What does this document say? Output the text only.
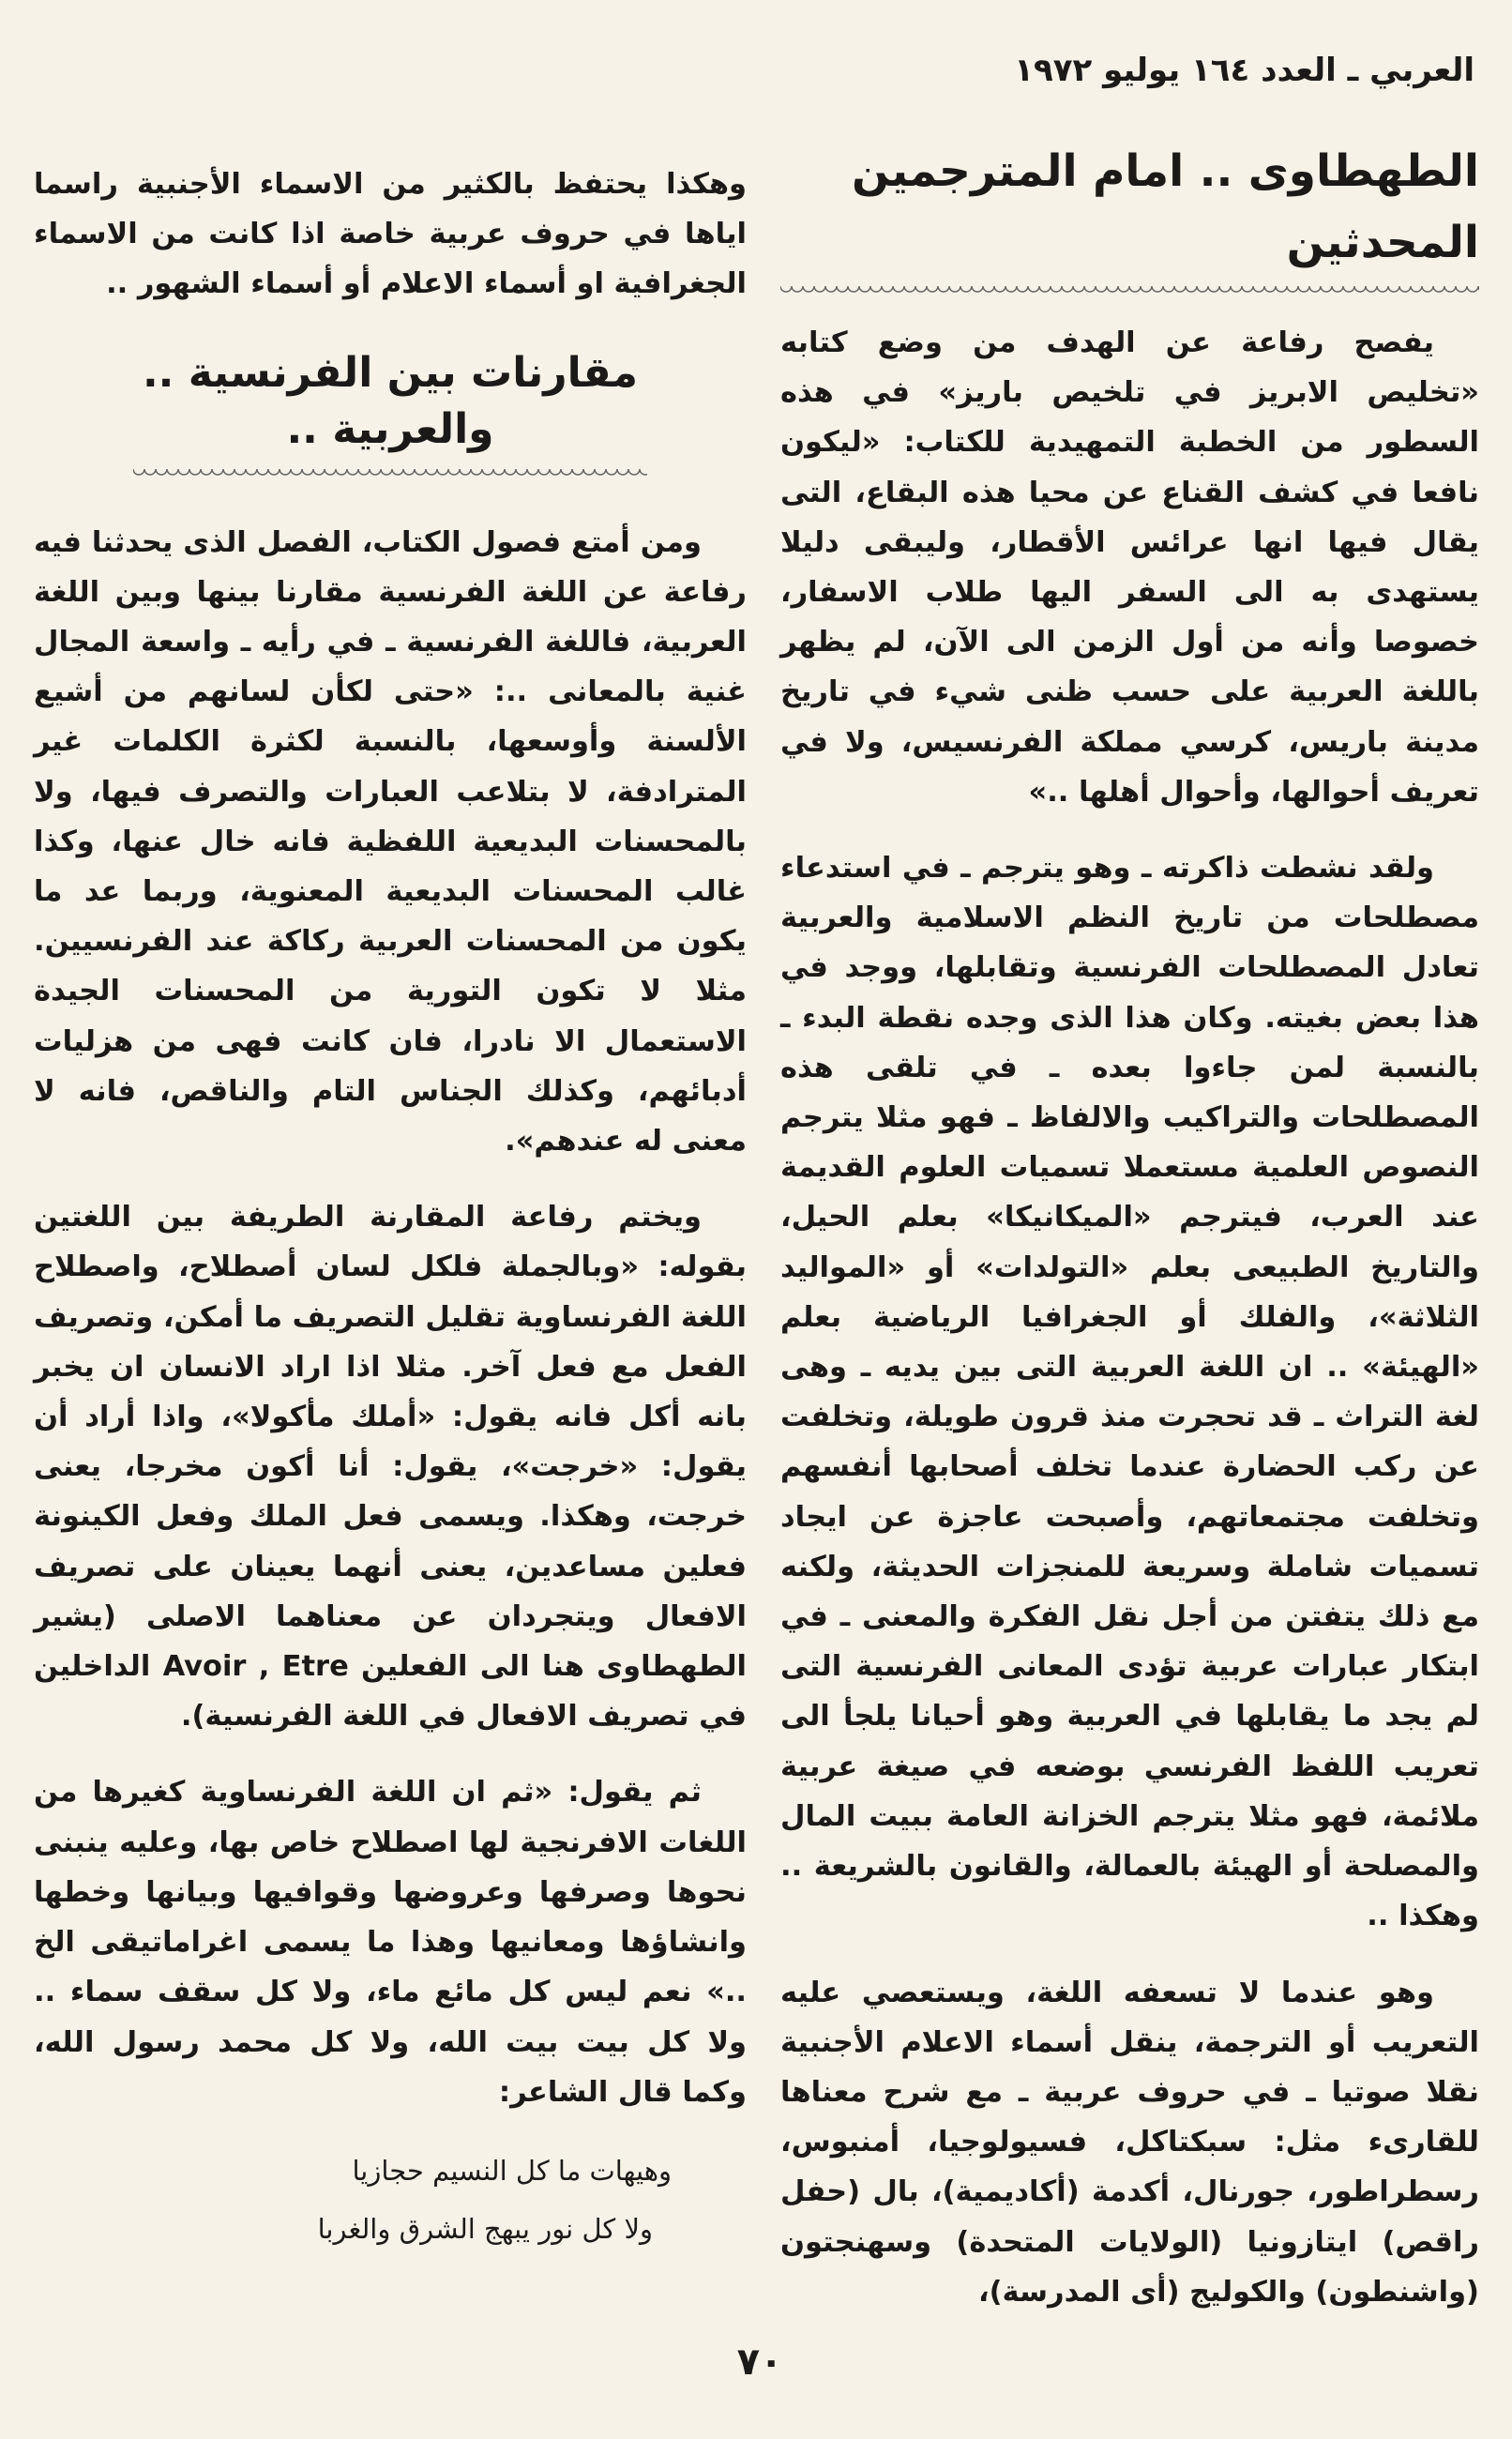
العربي ـ العدد ١٦٤ يوليو ١٩٧٢
الطهطاوى .. امام المترجمين المحدثين

يفصح رفاعة عن الهدف من وضع كتابه «تخليص الابريز في تلخيص باريز» في هذه السطور من الخطبة التمهيدية للكتاب: «ليكون نافعا في كشف القناع عن محيا هذه البقاع، التى يقال فيها انها عرائس الأقطار، وليبقى دليلا يستهدى به الى السفر اليها طلاب الاسفار، خصوصا وأنه من أول الزمن الى الآن، لم يظهر باللغة العربية على حسب ظنى شيء في تاريخ مدينة باريس، كرسي مملكة الفرنسيس، ولا في تعريف أحوالها، وأحوال أهلها ..»

ولقد نشطت ذاكرته ـ وهو يترجم ـ في استدعاء مصطلحات من تاريخ النظم الاسلامية والعربية تعادل المصطلحات الفرنسية وتقابلها، ووجد في هذا بعض بغيته. وكان هذا الذى وجده نقطة البدء ـ بالنسبة لمن جاءوا بعده ـ في تلقى هذه المصطلحات والتراكيب والالفاظ ـ فهو مثلا يترجم النصوص العلمية مستعملا تسميات العلوم القديمة عند العرب، فيترجم «الميكانيكا» بعلم الحيل، والتاريخ الطبيعى بعلم «التولدات» أو «المواليد الثلاثة»، والفلك أو الجغرافيا الرياضية بعلم «الهيئة» .. ان اللغة العربية التى بين يديه ـ وهى لغة التراث ـ قد تحجرت منذ قرون طويلة، وتخلفت عن ركب الحضارة عندما تخلف أصحابها أنفسهم وتخلفت مجتمعاتهم، وأصبحت عاجزة عن ايجاد تسميات شاملة وسريعة للمنجزات الحديثة، ولكنه مع ذلك يتفتن من أجل نقل الفكرة والمعنى ـ في ابتكار عبارات عربية تؤدى المعانى الفرنسية التى لم يجد ما يقابلها في العربية وهو أحيانا يلجأ الى تعريب اللفظ الفرنسي بوضعه في صيغة عربية ملائمة، فهو مثلا يترجم الخزانة العامة ببيت المال والمصلحة أو الهيئة بالعمالة، والقانون بالشريعة .. وهكذا ..

وهو عندما لا تسعفه اللغة، ويستعصي عليه التعريب أو الترجمة، ينقل أسماء الاعلام الأجنبية نقلا صوتيا ـ في حروف عربية ـ مع شرح معناها للقارىء مثل: سبكتاكل، فسيولوجيا، أمنبوس، رسطراطور، جورنال، أكدمة (أكاديمية)، بال (حفل راقص) ايتازونيا (الولايات المتحدة) وسهنجتون (واشنطون) والكوليج (أى المدرسة)،

وهكذا يحتفظ بالكثير من الاسماء الأجنبية راسما اياها في حروف عربية خاصة اذا كانت من الاسماء الجغرافية او أسماء الاعلام أو أسماء الشهور ..

مقارنات بين الفرنسية ..
والعربية ..

ومن أمتع فصول الكتاب، الفصل الذى يحدثنا فيه رفاعة عن اللغة الفرنسية مقارنا بينها وبين اللغة العربية، فاللغة الفرنسية ـ في رأيه ـ واسعة المجال غنية بالمعانى ..: «حتى لكأن لسانهم من أشيع الألسنة وأوسعها، بالنسبة لكثرة الكلمات غير المترادفة، لا بتلاعب العبارات والتصرف فيها، ولا بالمحسنات البديعية اللفظية فانه خال عنها، وكذا غالب المحسنات البديعية المعنوية، وربما عد ما يكون من المحسنات العربية ركاكة عند الفرنسيين. مثلا لا تكون التورية من المحسنات الجيدة الاستعمال الا نادرا، فان كانت فهى من هزليات أدبائهم، وكذلك الجناس التام والناقص، فانه لا معنى له عندهم».

ويختم رفاعة المقارنة الطريفة بين اللغتين بقوله: «وبالجملة فلكل لسان أصطلاح، واصطلاح اللغة الفرنساوية تقليل التصريف ما أمكن، وتصريف الفعل مع فعل آخر. مثلا اذا اراد الانسان ان يخبر بانه أكل فانه يقول: «أملك مأكولا»، واذا أراد أن يقول: «خرجت»، يقول: أنا أكون مخرجا، يعنى خرجت، وهكذا. ويسمى فعل الملك وفعل الكينونة فعلين مساعدين، يعنى أنهما يعينان على تصريف الافعال ويتجردان عن معناهما الاصلى (يشير الطهطاوى هنا الى الفعلين Avoir , Etre الداخلين في تصريف الافعال في اللغة الفرنسية).

ثم يقول: «ثم ان اللغة الفرنساوية كغيرها من اللغات الافرنجية لها اصطلاح خاص بها، وعليه ينبنى نحوها وصرفها وعروضها وقوافيها وبيانها وخطها وانشاؤها ومعانيها وهذا ما يسمى اغراماتيقى الخ ..» نعم ليس كل مائع ماء، ولا كل سقف سماء .. ولا كل بيت بيت الله، ولا كل محمد رسول الله، وكما قال الشاعر:

وهيهات ما كل النسيم حجازيا
ولا كل نور يبهج الشرق والغربا
٧٠
